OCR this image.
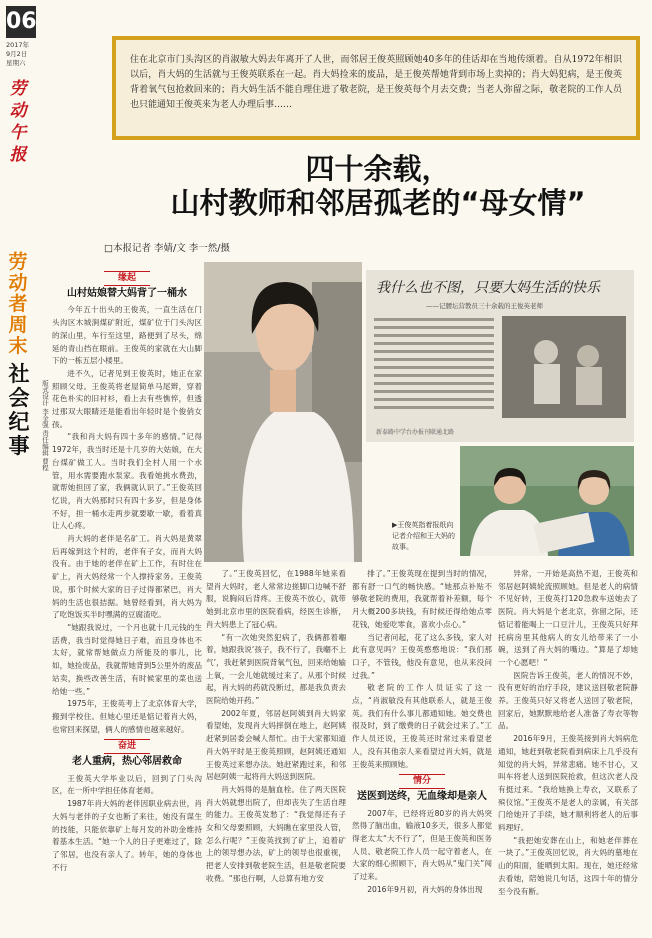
06
2017年
9月2日
星期六
劳
动
午
报
劳
动
者
周
末
社
会
纪
事	版式设计 李金强 责任编辑 曹程

住在北京市门头沟区的肖淑敏大妈去年离开了人世，而邻居王俊英照顾她40多年的佳话却在当地传颂着。自从1972年相识以后，肖大妈的生活就与王俊英联系在一起。肖大妈捡来的废品，是王俊英帮她背到市场上卖掉的；肖大妈犯病，是王俊英背着氧气包抢救回来的；肖大妈生活不能自理住进了敬老院，是王俊英每个月去交费；当老人弥留之际，敬老院的工作人员也只能通知王俊英来为老人办理后事……

四十余载，
山村教师和邻居孤老的“母女情”
□本报记者 李婧/文 李一然/摄
缘起
山村姑娘替大妈背了一桶水

今年五十出头的王俊英，一直生活在门头沟区木城涧煤矿附近，煤矿位于门头沟区的深山里，车行至这里，路便到了尽头，绵延的青山挡在眼前。王俊英的家就在大山脚下的一栋五层小楼里。

进不久，记者见到王俊英时，她正在家照顾父母。王俊英将老屋简单马尾辫，穿着花色朴实的旧衬衫，看上去有些憔悴，但透过那双大眼睛还是能看出年轻时是个俊俏女孩。

“我和肖大妈有四十多年的感情。”记得1972年，我当时还是十几岁的大姑娘，在大台煤矿做工人。当时我们全村人用一个水管，用水需要跑水泵家。我看她挑水费劲，就帮她担回了家，我俩就认识了。”王俊英回忆说，肖大妈那时只有四十多岁，但是身体不好，担一桶水走两步就要歇一歇，看着真让人心疼。

肖大妈的老伴是名矿工。肖大妈是黄翠后再嫁到这个村的，老伴有子女，而肖大妈没有。由于她的老伴在矿上工作，有时住在矿上，肖大妈经常一个人撑持家务。王俊英说，那个时候大家的日子过得都紧巴，肖大妈的生活也很拮据。她曾经看到，肖大妈为了吃饱饭买半时嘿满的豆腐渣吃。

“她跟我说过，一个月也就十几元钱的生活费，我当时觉得她日子难，而且身体也不太好，就常帮她做点力所能及的事儿，比如，她捡废品，我就帮她背到5公里外的废品站卖，换些改善生活，有时候家里的菜也送给她一些。”

1975年，王俊英考上了北京体育大学，搬到学校住。但她心里还是惦记着肖大妈，也常回来探望，俩人的感情也越来越好。

奋进
老人重病，热心邻居救命

王俊英大学毕业以后，回到了门头沟区，在一所中学担任体育老师。

1987年肖大妈的老伴因职业病去世，肖大妈与老伴的子女也断了来往，她没有谋生的技能，只能依靠矿上每月发的补助金维持着基本生活。“她一个人的日子更难过了，除了邻居，也没有亲人了。转年，她的身体也不行

我什么也不图，只要大妈生活的快乐
——记腰坛营教员三十余载的王俊英老师
新泰路中学台办报刊联通北路
▶王俊英指着报纸向记者介绍和王大妈的故事。

了。”王俊英回忆，在1988年她来看望肖大妈时，老人常常边搓脚口边喊不舒服，说胸闷后背疼。王俊英不放心，就带她到北京市里的医院看病，经医生诊断，肖大妈患上了冠心病。

“有一次她突然犯病了，我俩都着嗰着，她跟我说‘孩子，我不行了，我嗰不上气’，我赶紧到医院背氧气包，回来给她输上氧，一会儿她就缓过来了。从那个时候起，肖大妈的药就没断过，都是我负责去医院给她开药。”

2002年夏，邻居赵阿姨到肖大妈家看望她，发现肖大妈摔倒在地上，赵阿姨赶紧到居委会喊人帮忙。由于大家都知道肖大妈平时是王俊英照顾，赵阿姨还通知王俊英过来想办法。她赶紧跑过来，和邻居赵阿姨一起将肖大妈送到医院。

肖大妈得的是脑血栓。住了两天医院肖大妈就想出院了，但却丧失了生活自理的能力。王俊英发愁了：“我觉得还有子女和父母要照顾，大妈瞧在家里没人管，怎么行呢？”王俊英找到了矿上，追着矿上的领导想办法，矿上的领导也很重视，把老人安排到敬老院生活，但是敬老院要收费。“那也行啊，人总算有地方安

排了。”王俊英现在提到当时的情况，都有舒一口气的畅快感。“她那点补贴不够敬老院的费用，我就帮着补差额，每个月大概200多块钱，有时候还得给她点零花钱，她爱吃零食，喜欢小点心。”

当记者问起，花了这么多钱，家人对此有意见吗？王俊英憨憨地说：“我们那口子，不管钱，他没有意见，也从来没问过我。”

敬老院的工作人员证实了这一点，“肖淑敏没有其他联系人，就是王俊英。我们有什么事儿都通知她。她交费也很及时，到了缴费的日子就会过来了。”工作人员还说，王俊英还时常过来看望老人，没有其他亲人来看望过肖大妈，就是王俊英来照顾她。

情分
送医到送终，无血缘却是亲人

2007年，已经将近80岁的肖大妈突然得了脑出血，输液10多天，很多人都觉得老太太“大不行了”，但是王俊英和医务人员、敬老院工作人员一起守着老人，在大家的细心照顾下，肖大妈从“鬼门关”闯了过来。

2016年9月初，肖大妈的身体出现

异常，一开始是高热不退，王俊英和邻居赵阿姨轮流照顾她。但是老人的病情不见好转，王俊英打120急救车送她去了医院。肖大妈是个老北京，弥留之际，还惦记着能喝上一口豆汁儿，王俊英只好拜托病房里其他病人的女儿给带来了一小碗，送到了肖大妈的嘴边。“算是了却她一个心愿吧！”

医院告诉王俊英，老人的情况不妙，没有更好的治疗手段，建议送回敬老院静养。王俊英只好又将老人送回了敬老院，回家后，她默默地给老人准备了寿衣等物品。

2016年9月，王俊英接到肖大妈病危通知，她赶到敬老院看到病床上几乎没有知觉的肖大妈，异常悲痛。她不甘心，又叫车将老人送到医院抢救，但这次老人没有挺过来。“我给她换上寿衣，又联系了殡仪馆。”王俊英不是老人的亲属，有关部门给她开了手续，她才顺利将老人的后事料理好。

“我把她安葬在山上，和她老伴葬在一块了。”王俊英回忆说，肖大妈的墓地在山的阳面，能晒到太阳。现在，她还经常去看她，陪她说几句话，这四十年的情分至今没有断。
